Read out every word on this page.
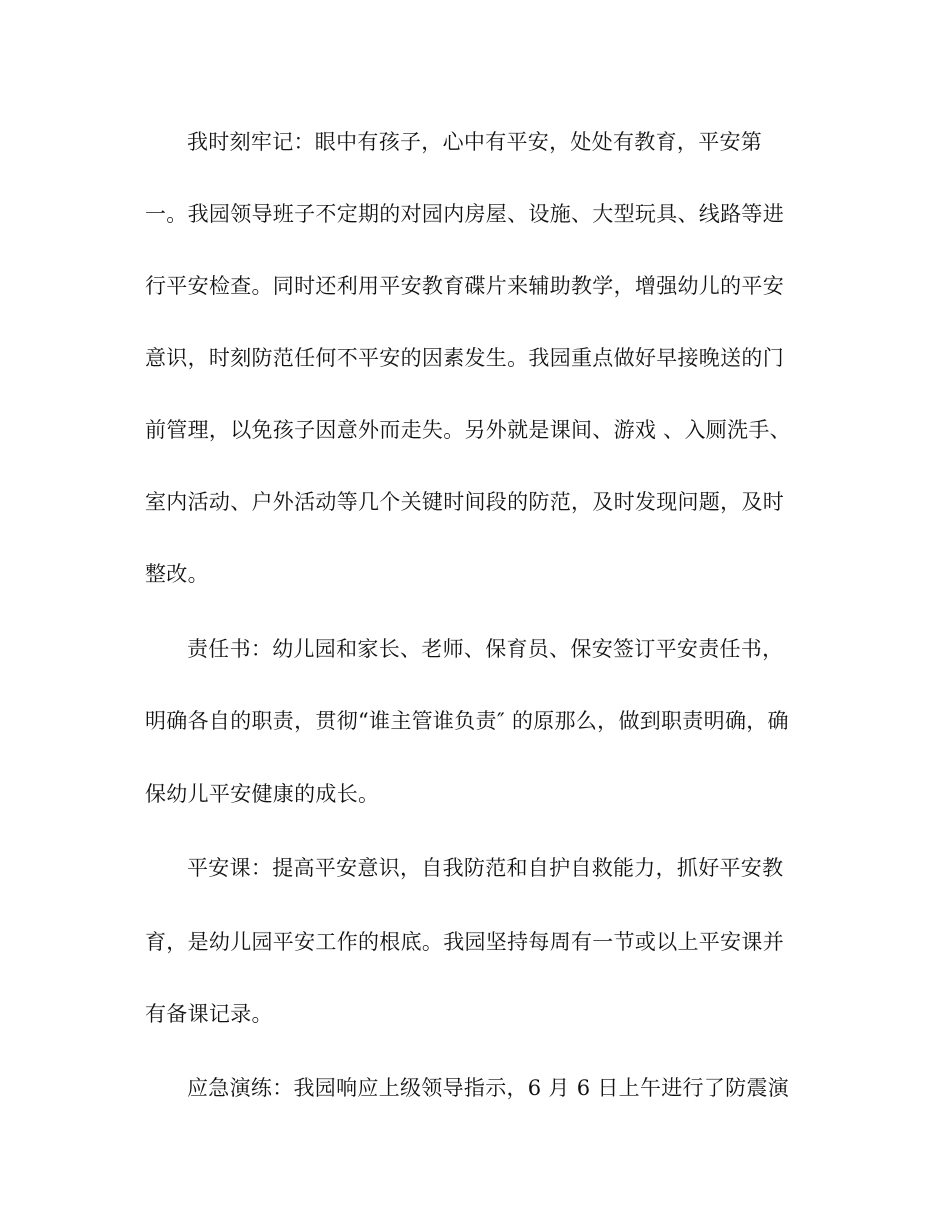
我时刻牢记：眼中有孩子，心中有平安，处处有教育，平安第
一。我园领导班子不定期的对园内房屋、设施、大型玩具、线路等进
行平安检查。同时还利用平安教育碟片来辅助教学，增强幼儿的平安
意识，时刻防范任何不平安的因素发生。我园重点做好早接晚送的门
前管理，以免孩子因意外而走失。另外就是课间、游戏 、入厕洗手、
室内活动、户外活动等几个关键时间段的防范，及时发现问题，及时
整改。
责任书：幼儿园和家长、老师、保育员、保安签订平安责任书，
明确各自的职责，贯彻“谁主管谁负责″ 的原那么，做到职责明确，确
保幼儿平安健康的成长。
平安课：提高平安意识，自我防范和自护自救能力，抓好平安教
育，是幼儿园平安工作的根底。我园坚持每周有一节或以上平安课并
有备课记录。
应急演练：我园响应上级领导指示，6 月 6 日上午进行了防震演
